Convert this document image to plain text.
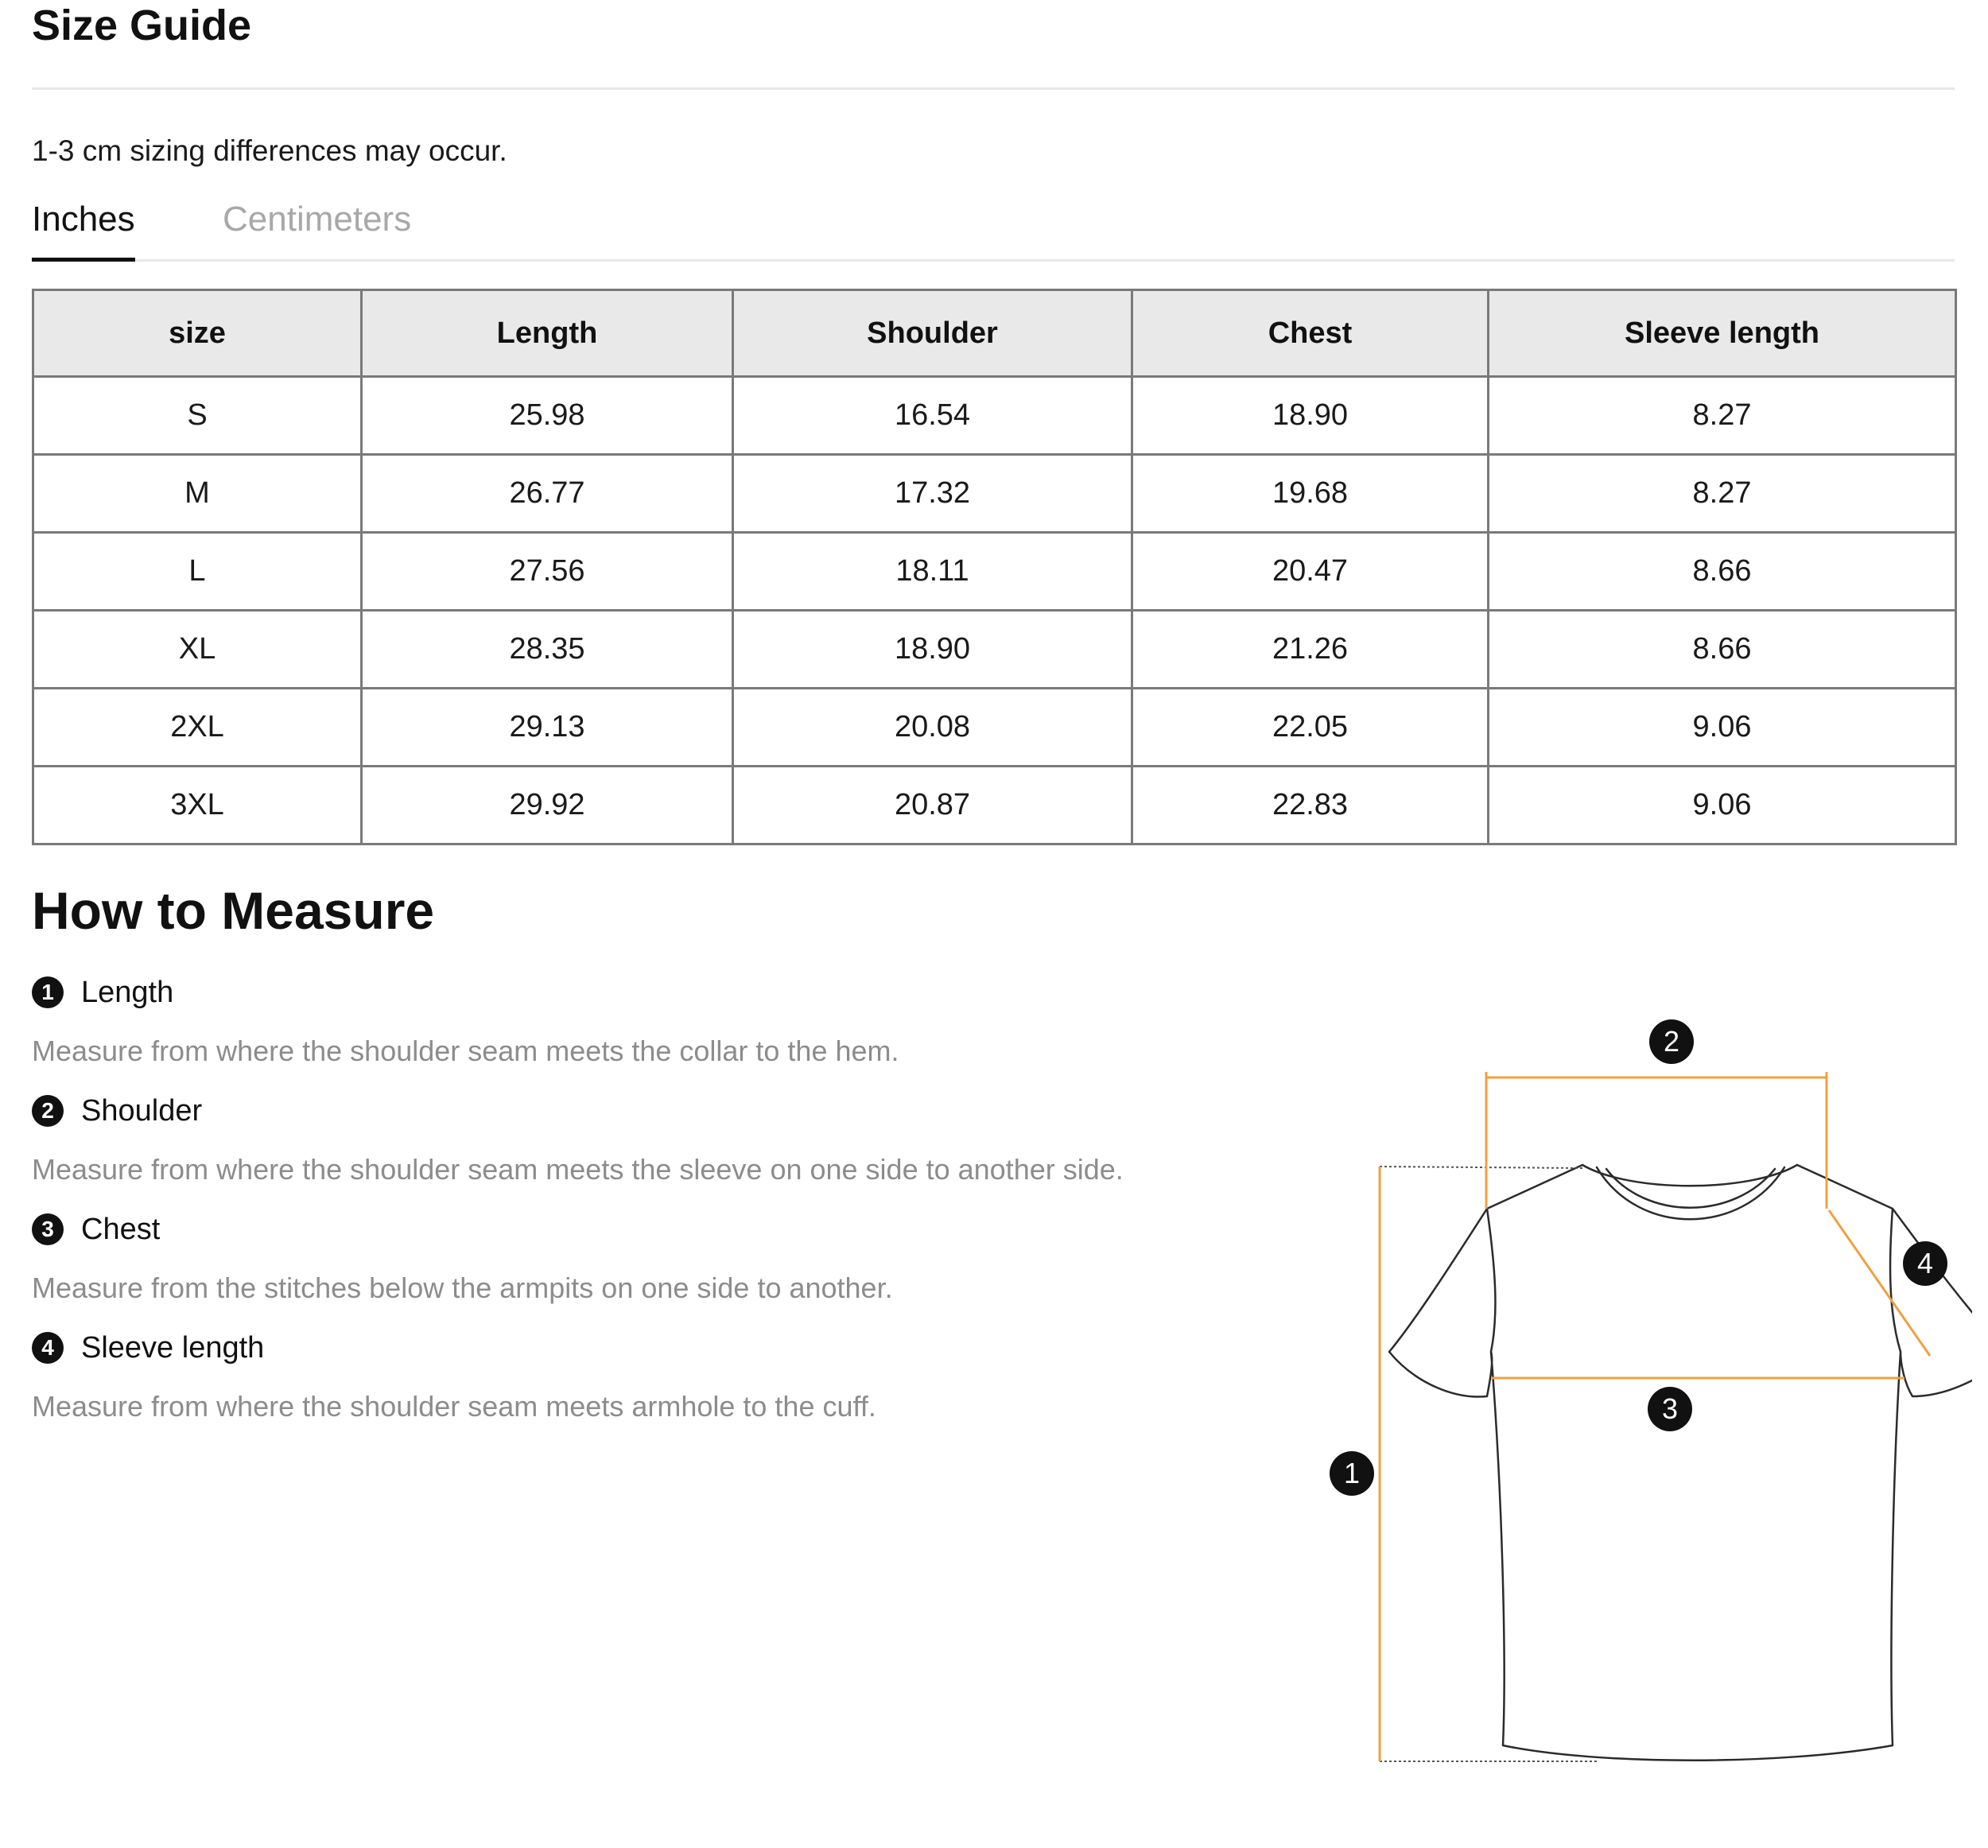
Size Guide
1-3 cm sizing differences may occur.
Inches	Centimeters
size	Length	Shoulder	Chest	Sleeve length
S	25.98	16.54	18.90	8.27
M	26.77	17.32	19.68	8.27
L	27.56	18.11	20.47	8.66
XL	28.35	18.90	21.26	8.66
2XL	29.13	20.08	22.05	9.06
3XL	29.92	20.87	22.83	9.06
How to Measure
1 Length
Measure from where the shoulder seam meets the collar to the hem.
2 Shoulder
Measure from where the shoulder seam meets the sleeve on one side to another side.
3 Chest
Measure from the stitches below the armpits on one side to another.
4 Sleeve length
Measure from where the shoulder seam meets armhole to the cuff.
1
2
3
4
